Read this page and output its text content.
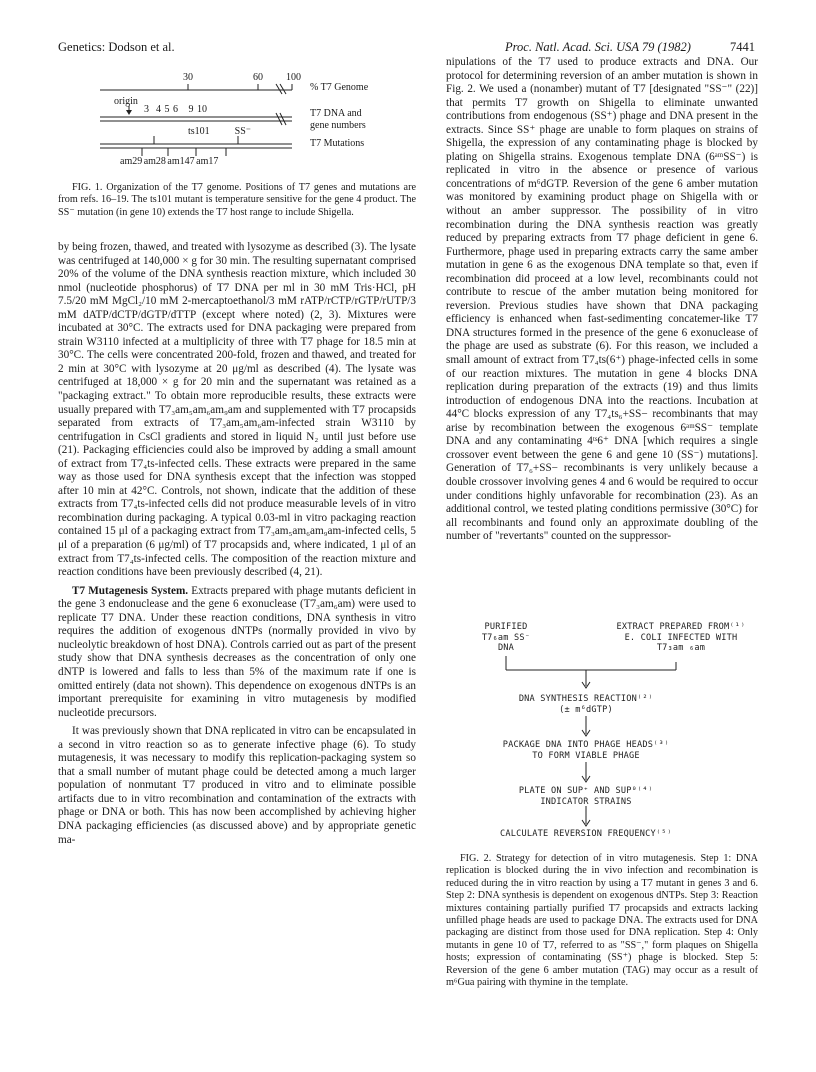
Genetics: Dodson et al.	Proc. Natl. Acad. Sci. USA 79 (1982)	7441
30	60 100
% T7 Genome
origin
3  4 5 6   9 10	T7 DNA and
gene numbers
ts101          SS⁻
T7 Mutations
am29 am28 am147 am17

FIG. 1. Organization of the T7 genome. Positions of T7 genes and mutations are from refs. 16–19. The ts101 mutant is temperature sensitive for the gene 4 product. The SS⁻ mutation (in gene 10) extends the T7 host range to include Shigella.

by being frozen, thawed, and treated with lysozyme as described (3). The lysate was centrifuged at 140,000 × g for 30 min. The resulting supernatant comprised 20% of the volume of the DNA synthesis reaction mixture, which included 30 nmol (nucleotide phosphorus) of T7 DNA per ml in 30 mM Tris·HCl, pH 7.5/20 mM MgCl₂/10 mM 2-mercaptoethanol/3 mM rATP/rCTP/rGTP/rUTP/3 mM dATP/dCTP/dGTP/dTTP (except where noted) (2, 3). Mixtures were incubated at 30°C. The extracts used for DNA packaging were prepared from strain W3110 infected at a multiplicity of three with T7 phage for 18.5 min at 30°C. The cells were concentrated 200-fold, frozen and thawed, and treated for 2 min at 30°C with lysozyme at 20 μg/ml as described (4). The lysate was centrifuged at 18,000 × g for 20 min and the supernatant was retained as a "packaging extract." To obtain more reproducible results, these extracts were usually prepared with T7₃am₅am₆am₉am and supplemented with T7 procapsids separated from extracts of T7₃am₅am₆am-infected strain W3110 by centrifugation in CsCl gradients and stored in liquid N₂ until just before use (21). Packaging efficiencies could also be improved by adding a small amount of extract from T7₄ts-infected cells. These extracts were prepared in the same way as those used for DNA synthesis except that the infection was stopped after 10 min at 42°C. Controls, not shown, indicate that the addition of these extracts from T7₄ts-infected cells did not produce measurable levels of in vitro recombination during packaging. A typical 0.03-ml in vitro packaging reaction contained 15 μl of a packaging extract from T7₃am₅am₆am₉am-infected cells, 5 μl of a preparation (6 μg/ml) of T7 procapsids and, where indicated, 1 μl of an extract from T7₄ts-infected cells. The composition of the reaction mixture and reaction conditions have been previously described (4, 21).

T7 Mutagenesis System. Extracts prepared with phage mutants deficient in the gene 3 endonuclease and the gene 6 exonuclease (T7₃am₆am) were used to replicate T7 DNA. Under these reaction conditions, DNA synthesis in vitro requires the addition of exogenous dNTPs (normally provided in vivo by nucleolytic breakdown of host DNA). Controls carried out as part of the present study show that DNA synthesis decreases as the concentration of only one dNTP is lowered and falls to less than 5% of the maximum rate if one is omitted entirely (data not shown). This dependence on exogenous dNTPs is an important prerequisite for examining in vitro mutagenesis by modified nucleotide precursors.

It was previously shown that DNA replicated in vitro can be encapsulated in a second in vitro reaction so as to generate infective phage (6). To study mutagenesis, it was necessary to modify this replication-packaging system so that a small number of mutant phage could be detected among a much larger population of nonmutant T7 produced in vitro and to eliminate possible artifacts due to in vitro recombination and contamination of the extracts with phage or DNA or both. This has now been accomplished by achieving higher DNA packaging efficiencies (as discussed above) and by appropriate genetic ma-

nipulations of the T7 used to produce extracts and DNA. Our protocol for determining reversion of an amber mutation is shown in Fig. 2. We used a (nonamber) mutant of T7 [designated "SS⁻" (22)] that permits T7 growth on Shigella to eliminate unwanted contributions from endogenous (SS⁺) phage and DNA present in the extracts. Since SS⁺ phage are unable to form plaques on strains of Shigella, the expression of any contaminating phage is blocked by plating on Shigella strains. Exogenous template DNA (6ᵃᵐSS⁻) is replicated in vitro in the absence or presence of various concentrations of m⁶dGTP. Reversion of the gene 6 amber mutation was monitored by examining product phage on Shigella with or without an amber suppressor. The possibility of in vitro recombination during the DNA synthesis reaction was greatly reduced by preparing extracts from T7 phage deficient in gene 6. Furthermore, phage used in preparing extracts carry the same amber mutation in gene 6 as the exogenous DNA template so that, even if recombination did proceed at a low level, recombinants could not contribute to rescue of the amber mutation being monitored for reversion. Previous studies have shown that DNA packaging efficiency is enhanced when fast-sedimenting concatemer-like T7 DNA structures formed in the presence of the gene 6 exonuclease of the phage are used as substrate (6). For this reason, we included a small amount of extract from T7₄ts(6⁺) phage-infected cells in some of our reaction mixtures. The mutation in gene 4 blocks DNA replication during preparation of the extracts (19) and thus limits introduction of endogenous DNA into the reactions. Incubation at 44°C blocks expression of any T7₄ts₆+SS− recombinants that may arise by recombination between the exogenous 6ᵃᵐSS⁻ template DNA and any contaminating 4ᵗˢ6⁺ DNA [which requires a single crossover event between the gene 6 and gene 10 (SS⁻) mutations]. Generation of T7₆+SS− recombinants is very unlikely because a double crossover involving genes 4 and 6 would be required to occur under conditions highly unfavorable for recombination (23). As an additional control, we tested plating conditions permissive (30°C) for all recombinants and found only an approximate doubling of the number of "revertants" counted on the suppressor-

PURIFIED
T7₆am SS⁻
DNA
EXTRACT PREPARED FROM⁽¹⁾
E. COLI INFECTED WITH
T7₃am ₆am
DNA SYNTHESIS REACTION⁽²⁾
(± m⁶dGTP)
PACKAGE DNA INTO PHAGE HEADS⁽³⁾
TO FORM VIABLE PHAGE
PLATE ON SUP⁺ AND SUP⁰⁽⁴⁾
INDICATOR STRAINS
CALCULATE REVERSION FREQUENCY⁽⁵⁾

FIG. 2. Strategy for detection of in vitro mutagenesis. Step 1: DNA replication is blocked during the in vivo infection and recombination is reduced during the in vitro reaction by using a T7 mutant in genes 3 and 6. Step 2: DNA synthesis is dependent on exogenous dNTPs. Step 3: Reaction mixtures containing partially purified T7 procapsids and extracts lacking unfilled phage heads are used to package DNA. The extracts used for DNA packaging are distinct from those used for DNA replication. Step 4: Only mutants in gene 10 of T7, referred to as "SS⁻," form plaques on Shigella hosts; expression of contaminating (SS⁺) phage is blocked. Step 5: Reversion of the gene 6 amber mutation (TAG) may occur as a result of m⁶Gua pairing with thymine in the template.
